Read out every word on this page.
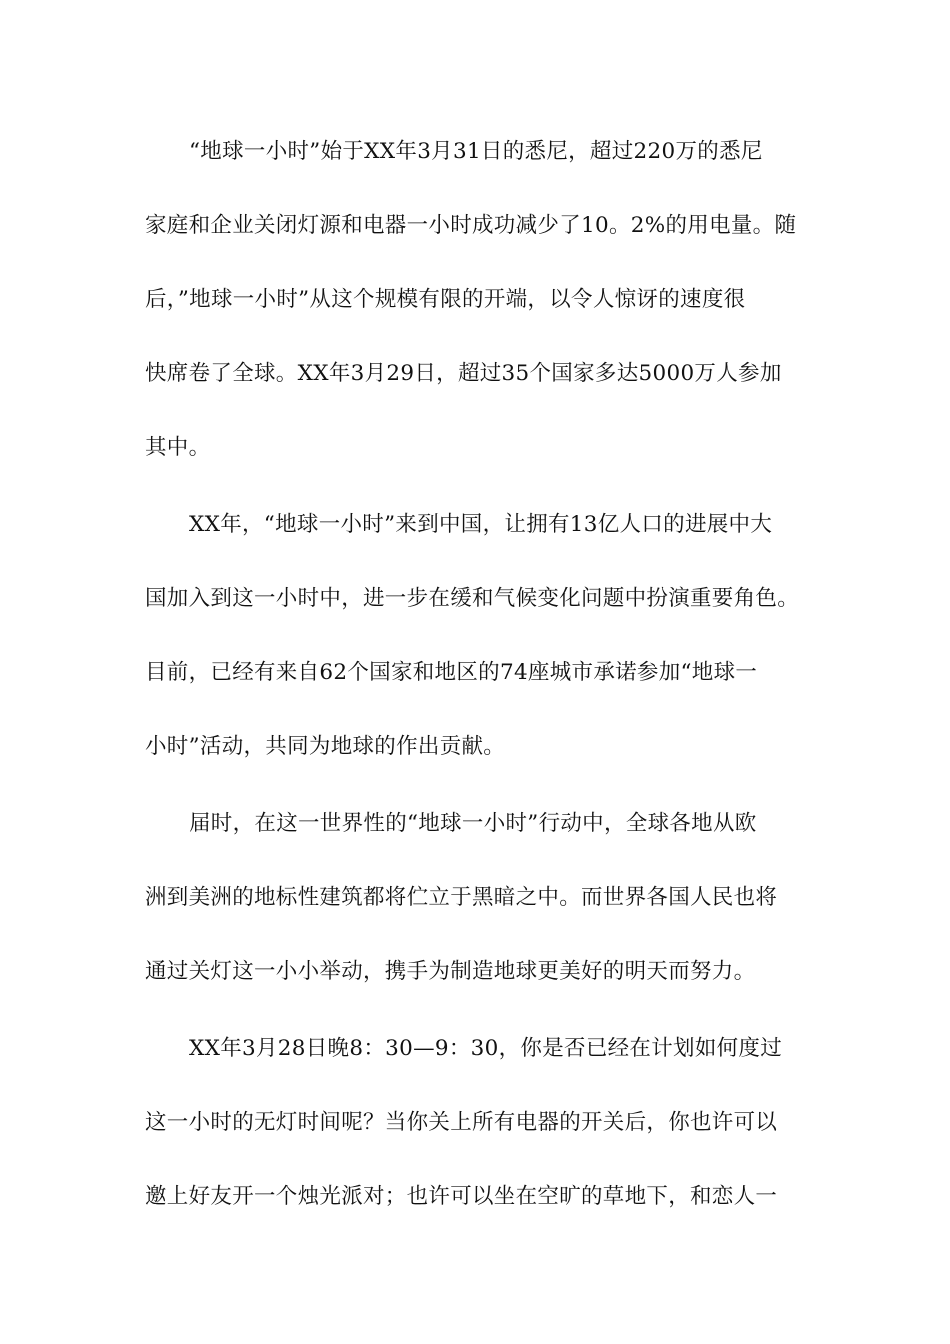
“地球一小时”始于XX年3月31日的悉尼，超过220万的悉尼
家庭和企业关闭灯源和电器一小时成功减少了10。2%的用电量。随
后，”地球一小时”从这个规模有限的开端，以令人惊讶的速度很
快席卷了全球。XX年3月29日，超过35个国家多达5000万人参加
其中。
XX年，“地球一小时”来到中国，让拥有13亿人口的进展中大
国加入到这一小时中，进一步在缓和气候变化问题中扮演重要角色。
目前，已经有来自62个国家和地区的74座城市承诺参加“地球一
小时”活动，共同为地球的作出贡献。
届时，在这一世界性的“地球一小时”行动中，全球各地从欧
洲到美洲的地标性建筑都将伫立于黑暗之中。而世界各国人民也将
通过关灯这一小小举动，携手为制造地球更美好的明天而努力。
XX年3月28日晚8：30—9：30，你是否已经在计划如何度过
这一小时的无灯时间呢？当你关上所有电器的开关后，你也许可以
邀上好友开一个烛光派对；也许可以坐在空旷的草地下，和恋人一
